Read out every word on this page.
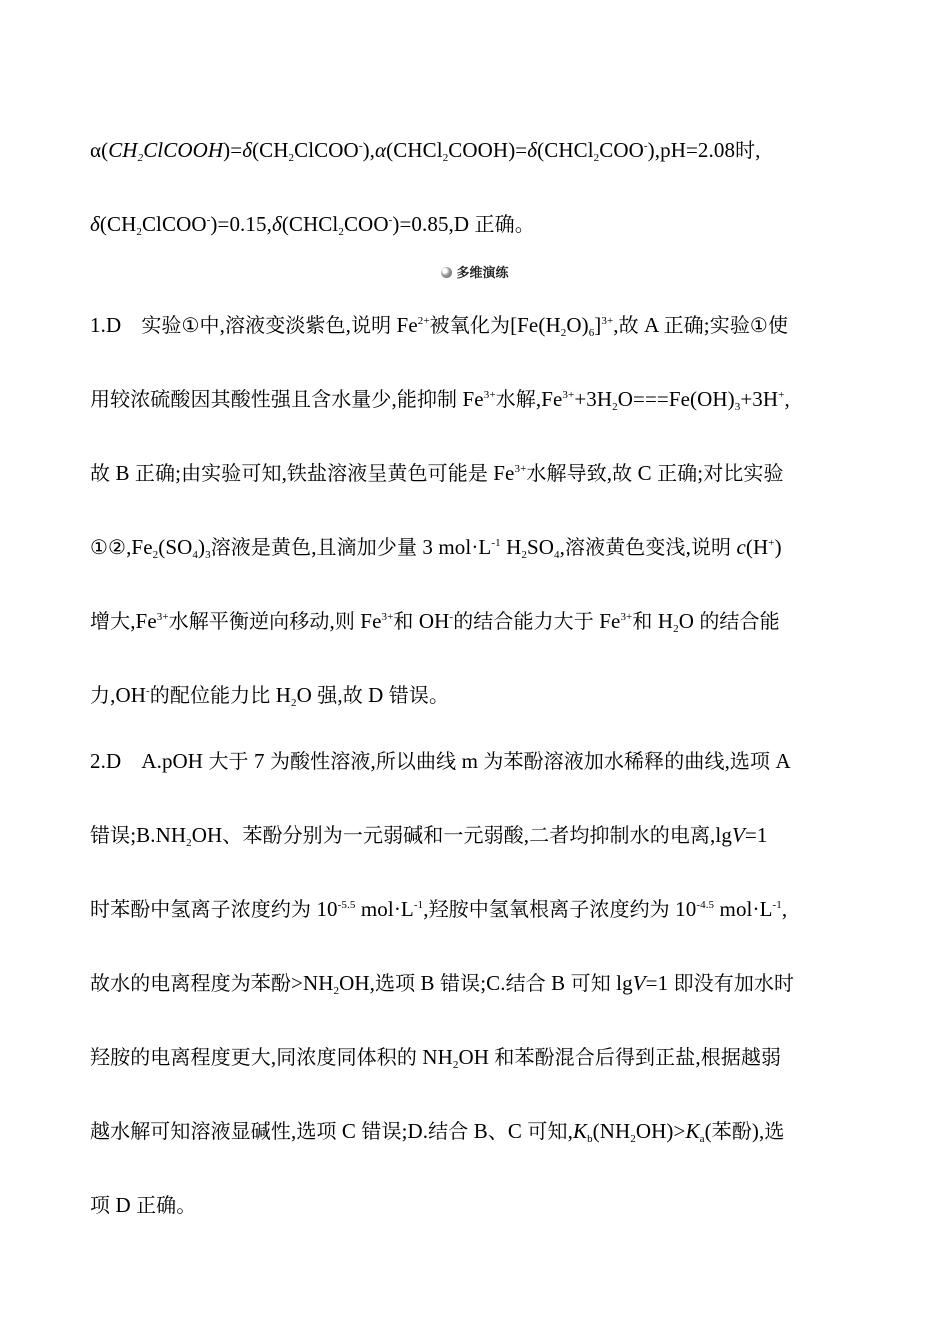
$\alpha(CH_2ClCOOH)=\delta(CH_2ClCOO^-),\alpha(CHCl_2COOH)=\delta(CHCl_2COO^-),pH=2.08$时,
$\delta(CH_2ClCOO^-)=0.15,\delta(CHCl_2COO^-)=0.85,D$ 正确。
多维演练
1.D　实验①中,溶液变淡紫色,说明 $Fe^{2+}$被氧化为$[Fe(H_2O)_6]^{3+}$,故 A 正确;实验①使
用较浓硫酸因其酸性强且含水量少,能抑制 $Fe^{3+}$水解$,Fe^{3+}+3H_2O===Fe(OH)_3+3H^+$,
故 B 正确;由实验可知,铁盐溶液呈黄色可能是 $Fe^{3+}$水解导致,故 C 正确;对比实验
$①②,Fe_2(SO_4)_3$溶液是黄色,且滴加少量 3 $mol\cdot L^{-1}$ $H_2SO_4$,溶液黄色变浅,说明 c(H+)
增大$,Fe^{3+}$水解平衡逆向移动,则 $Fe^{3+}$和 OH-的结合能力大于 $Fe^{3+}$和 $H_2O$ 的结合能
力,OH-的配位能力比 $H_2O$ 强,故 D 错误。
2.D　 A.pOH 大于 7 为酸性溶液,所以曲线 m 为苯酚溶液加水稀释的曲线,选项 A
错误$;B.NH_2OH$、苯酚分别为一元弱碱和一元弱酸,二者均抑制水的电离,lgV=1
时苯酚中氢离子浓度约为 $10^{-5.5}$ $mol\cdot L^{-1}$,羟胺中氢氧根离子浓度约为 $10^{-4.5}$ $mol\cdot L^{-1}$,
故水的电离程度为苯酚$>NH_2OH$,选项 B 错误;C.结合 B 可知 lgV=1 即没有加水时
羟胺的电离程度更大,同浓度同体积的 $NH_2OH$ 和苯酚混合后得到正盐,根据越弱
越水解可知溶液显碱性,选项 C 错误;D.结合 B、C 可知$,K_b(NH_2OH)>K_a$(苯酚),选
项 D 正确。
